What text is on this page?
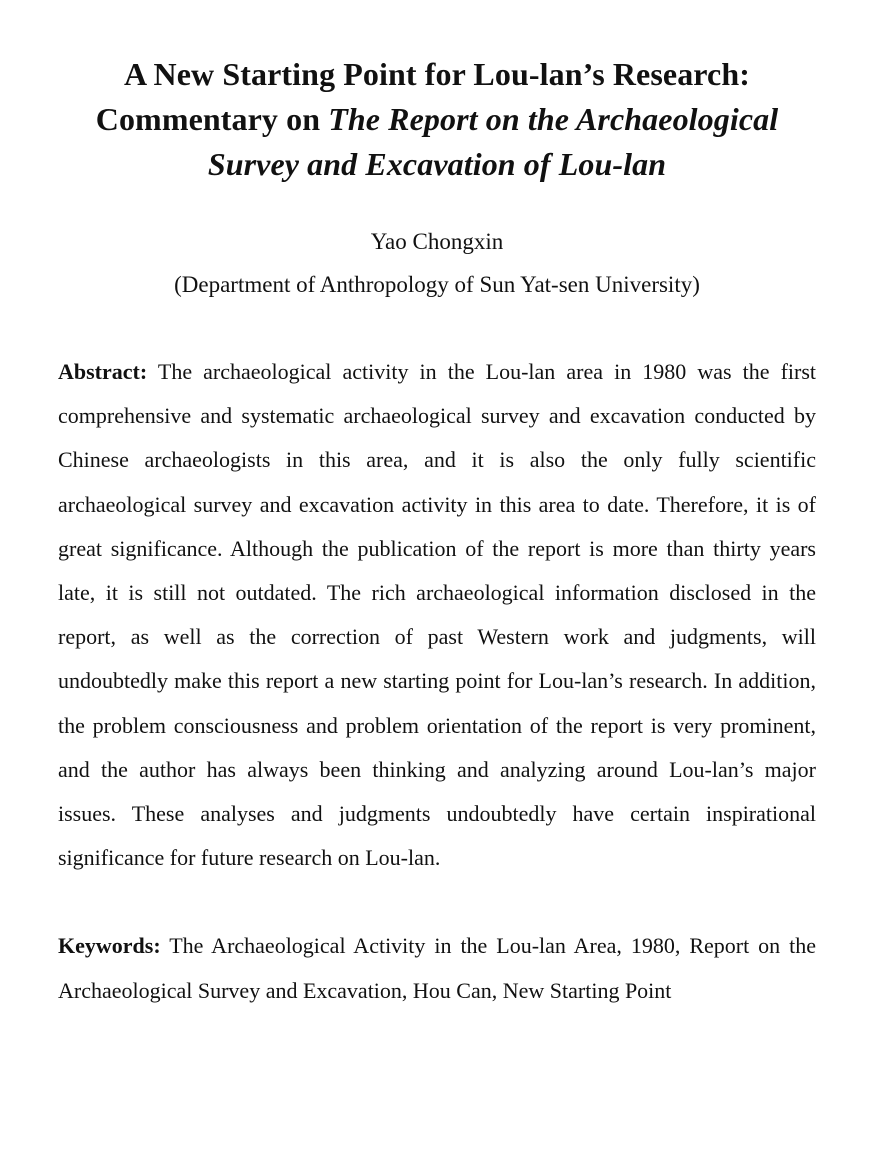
A New Starting Point for Lou-lan’s Research:
Commentary on The Report on the Archaeological
Survey and Excavation of Lou-lan
Yao Chongxin
(Department of Anthropology of Sun Yat-sen University)

Abstract: The archaeological activity in the Lou-lan area in 1980 was the first comprehensive and systematic archaeological survey and excavation conducted by Chinese archaeologists in this area, and it is also the only fully scientific archaeological survey and excavation activity in this area to date. Therefore, it is of great significance. Although the publication of the report is more than thirty years late, it is still not outdated. The rich archaeological information disclosed in the report, as well as the correction of past Western work and judgments, will undoubtedly make this report a new starting point for Lou-lan’s research. In addition, the problem consciousness and problem orientation of the report is very prominent, and the author has always been thinking and analyzing around Lou-lan’s major issues. These analyses and judgments undoubtedly have certain inspirational significance for future research on Lou-lan.

Keywords: The Archaeological Activity in the Lou-lan Area, 1980, Report on the Archaeological Survey and Excavation, Hou Can, New Starting Point
